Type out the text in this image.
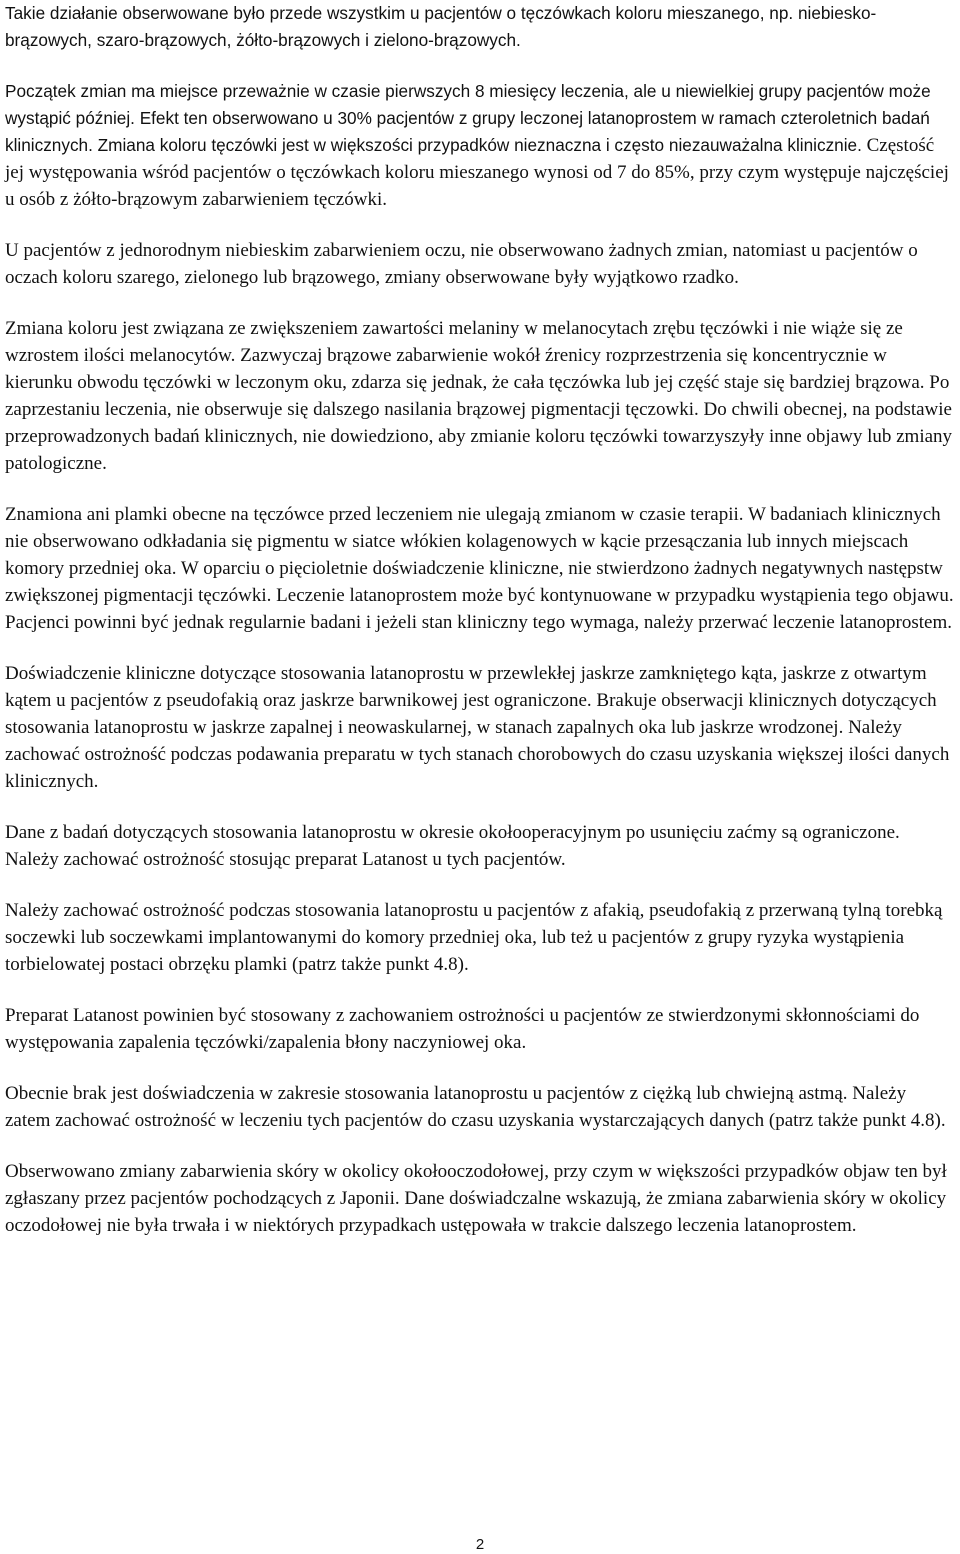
Takie działanie obserwowane było przede wszystkim u pacjentów o tęczówkach koloru mieszanego, np. niebiesko-brązowych, szaro-brązowych, żółto-brązowych i zielono-brązowych.

Początek zmian ma miejsce przeważnie w czasie pierwszych 8 miesięcy leczenia, ale u niewielkiej grupy pacjentów może wystąpić później. Efekt ten obserwowano u 30% pacjentów z grupy leczonej latanoprostem w ramach czteroletnich badań klinicznych. Zmiana koloru tęczówki jest w większości przypadków nieznaczna i często niezauważalna klinicznie. Częstość jej występowania wśród pacjentów o tęczówkach koloru mieszanego wynosi od 7 do 85%, przy czym występuje najczęściej u osób z żółto-brązowym zabarwieniem tęczówki.

U pacjentów z jednorodnym niebieskim zabarwieniem oczu, nie obserwowano żadnych zmian, natomiast u pacjentów o oczach koloru szarego, zielonego lub brązowego, zmiany obserwowane były wyjątkowo rzadko.

Zmiana koloru jest związana ze zwiększeniem zawartości melaniny w melanocytach zrębu tęczówki i nie wiąże się ze wzrostem ilości melanocytów. Zazwyczaj brązowe zabarwienie wokół źrenicy rozprzestrzenia się koncentrycznie w kierunku obwodu tęczówki w leczonym oku, zdarza się jednak, że cała tęczówka lub jej część staje się bardziej brązowa. Po zaprzestaniu leczenia, nie obserwuje się dalszego nasilania brązowej pigmentacji tęczowki. Do chwili obecnej, na podstawie przeprowadzonych badań klinicznych, nie dowiedziono, aby zmianie koloru tęczówki towarzyszyły inne objawy lub zmiany patologiczne.

Znamiona ani plamki obecne na tęczówce przed leczeniem nie ulegają zmianom w czasie terapii. W badaniach klinicznych nie obserwowano odkładania się pigmentu w siatce włókien kolagenowych w kącie przesączania lub innych miejscach komory przedniej oka. W oparciu o pięcioletnie doświadczenie kliniczne, nie stwierdzono żadnych negatywnych następstw zwiększonej pigmentacji tęczówki. Leczenie latanoprostem może być kontynuowane w przypadku wystąpienia tego objawu. Pacjenci powinni być jednak regularnie badani i jeżeli stan kliniczny tego wymaga, należy przerwać leczenie latanoprostem.

Doświadczenie kliniczne dotyczące stosowania latanoprostu w przewlekłej jaskrze zamkniętego kąta, jaskrze z otwartym kątem u pacjentów z pseudofakią oraz jaskrze barwnikowej jest ograniczone. Brakuje obserwacji klinicznych dotyczących stosowania latanoprostu w jaskrze zapalnej i neowaskularnej, w stanach zapalnych oka lub jaskrze wrodzonej. Należy zachować ostrożność podczas podawania preparatu w tych stanach chorobowych do czasu uzyskania większej ilości danych klinicznych.

Dane z badań dotyczących stosowania latanoprostu w okresie okołooperacyjnym po usunięciu zaćmy są ograniczone. Należy zachować ostrożność stosując preparat Latanost u tych pacjentów.

Należy zachować ostrożność podczas stosowania latanoprostu u pacjentów z afakią, pseudofakią z przerwaną tylną torebką soczewki lub soczewkami implantowanymi do komory przedniej oka, lub też u pacjentów z grupy ryzyka wystąpienia torbielowatej postaci obrzęku plamki (patrz także punkt 4.8).

Preparat Latanost powinien być stosowany z zachowaniem ostrożności u pacjentów ze stwierdzonymi skłonnościami do występowania zapalenia tęczówki/zapalenia błony naczyniowej oka.

Obecnie brak jest doświadczenia w zakresie stosowania latanoprostu u pacjentów z ciężką lub chwiejną astmą. Należy zatem zachować ostrożność w leczeniu tych pacjentów do czasu uzyskania wystarczających danych (patrz także punkt 4.8).

Obserwowano zmiany zabarwienia skóry w okolicy okołooczodołowej, przy czym w większości przypadków objaw ten był zgłaszany przez pacjentów pochodzących z Japonii. Dane doświadczalne wskazują, że zmiana zabarwienia skóry w okolicy oczodołowej nie była trwała i w niektórych przypadkach ustępowała w trakcie dalszego leczenia latanoprostem.

2
